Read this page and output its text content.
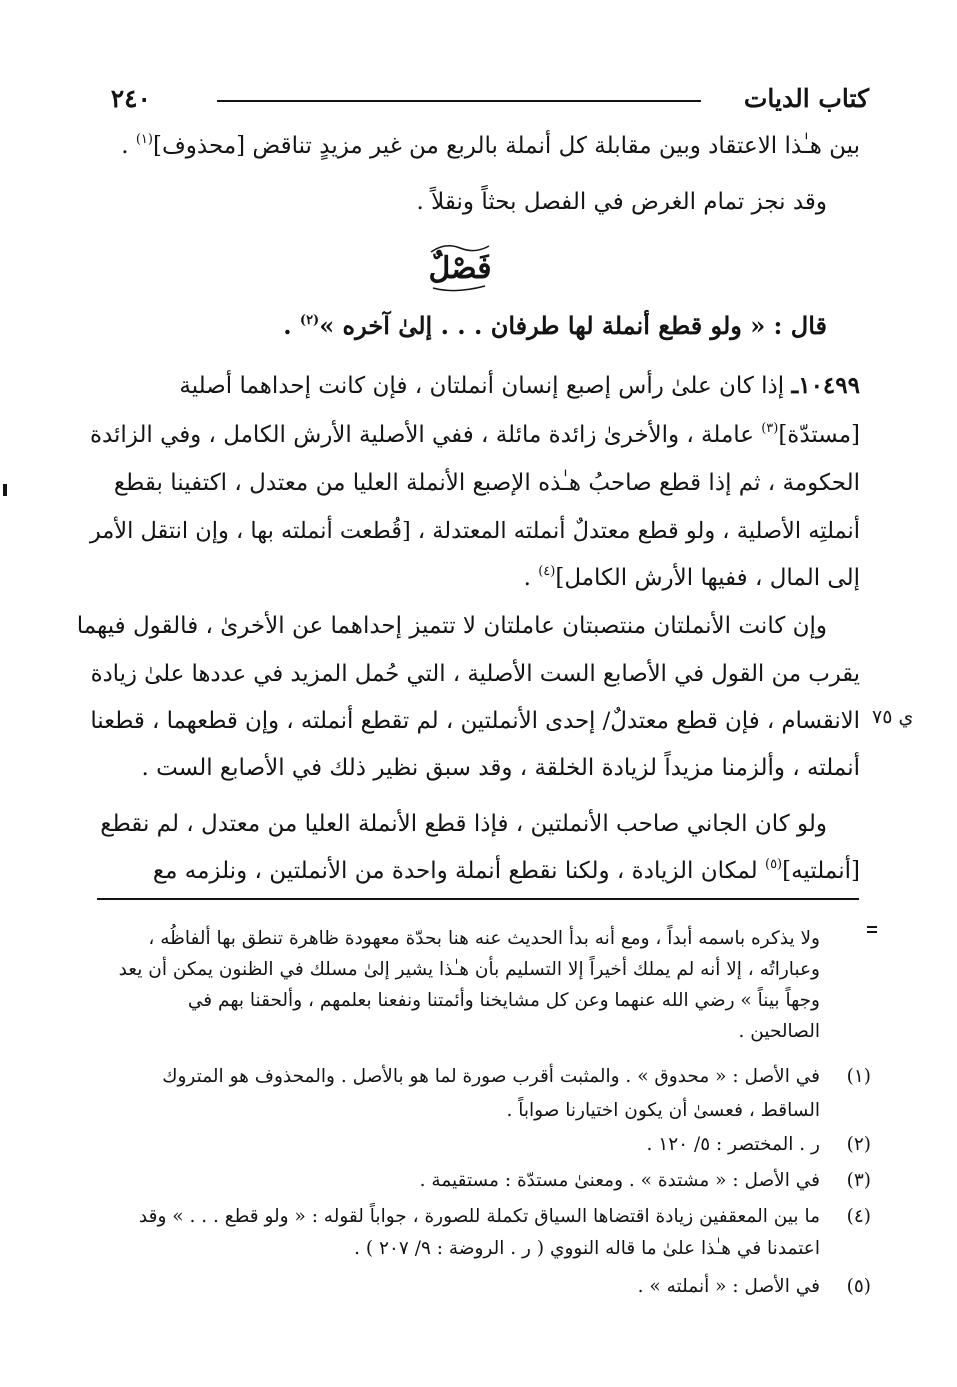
كتاب الديات
٢٤٠
بين هـٰذا الاعتقاد وبين مقابلة كل أنملة بالربع من غير مزيدٍ تناقض [محذوف]$^{(١)}$ .
وقد نجز تمام الغرض في الفصل بحثاً ونقلاً .
فَصْلٌ
قال : « ولو قطع أنملة لها طرفان . . . إلىٰ آخره »$^{(٢)}$ .
١٠٤٩٩ـ إذا كان علىٰ رأس إصبع إنسان أنملتان ، فإن كانت إحداهما أصلية
[مستدّة]$^{(٣)}$ عاملة ، والأخرىٰ زائدة مائلة ، ففي الأصلية الأرش الكامل ، وفي الزائدة
الحكومة ، ثم إذا قطع صاحبُ هـٰذه الإصبع الأنملة العليا من معتدل ، اكتفينا بقطع
أنملتِه الأصلية ، ولو قطع معتدلٌ أنملته المعتدلة ، [قُطعت أنملته بها ، وإن انتقل الأمر
إلى المال ، ففيها الأرش الكامل]$^{(٤)}$ .
وإن كانت الأنملتان منتصبتان عاملتان لا تتميز إحداهما عن الأخرىٰ ، فالقول فيهما
يقرب من القول في الأصابع الست الأصلية ، التي حُمل المزيد في عددها علىٰ زيادة
الانقسام ، فإن قطع معتدلٌ/ إحدى الأنملتين ، لم تقطع أنملته ، وإن قطعهما ، قطعنا
أنملته ، وألزمنا مزيداً لزيادة الخلقة ، وقد سبق نظير ذلك في الأصابع الست .
ي ٧٥
ولو كان الجاني صاحب الأنملتين ، فإذا قطع الأنملة العليا من معتدل ، لم نقطع
[أنملتيه]$^{(٥)}$ لمكان الزيادة ، ولكنا نقطع أنملة واحدة من الأنملتين ، ونلزمه مع
ولا يذكره باسمه أبداً ، ومع أنه بدأ الحديث عنه هنا بحدّة معهودة ظاهرة تنطق بها ألفاظُه ،
وعباراتُه ، إلا أنه لم يملك أخيراً إلا التسليم بأن هـٰذا يشير إلىٰ مسلك في الظنون يمكن أن يعد
وجهاً بيناً » رضي الله عنهما وعن كل مشايخنا وأئمتنا ونفعنا بعلمهم ، وألحقنا بهم في
الصالحين .
(١)
في الأصل : « محدوق » . والمثبت أقرب صورة لما هو بالأصل . والمحذوف هو المتروك
الساقط ، فعسىٰ أن يكون اختيارنا صواباً .
(٢)
ر . المختصر : ٥/ ١٢٠ .
(٣)
في الأصل : « مشتدة » . ومعنىٰ مستدّة : مستقيمة .
(٤)
ما بين المعقفين زيادة اقتضاها السياق تكملة للصورة ، جواباً لقوله : « ولو قطع . . . » وقد
اعتمدنا في هـٰذا علىٰ ما قاله النووي ( ر . الروضة : ٩/ ٢٠٧ ) .
(٥)
في الأصل : « أنملته » .
